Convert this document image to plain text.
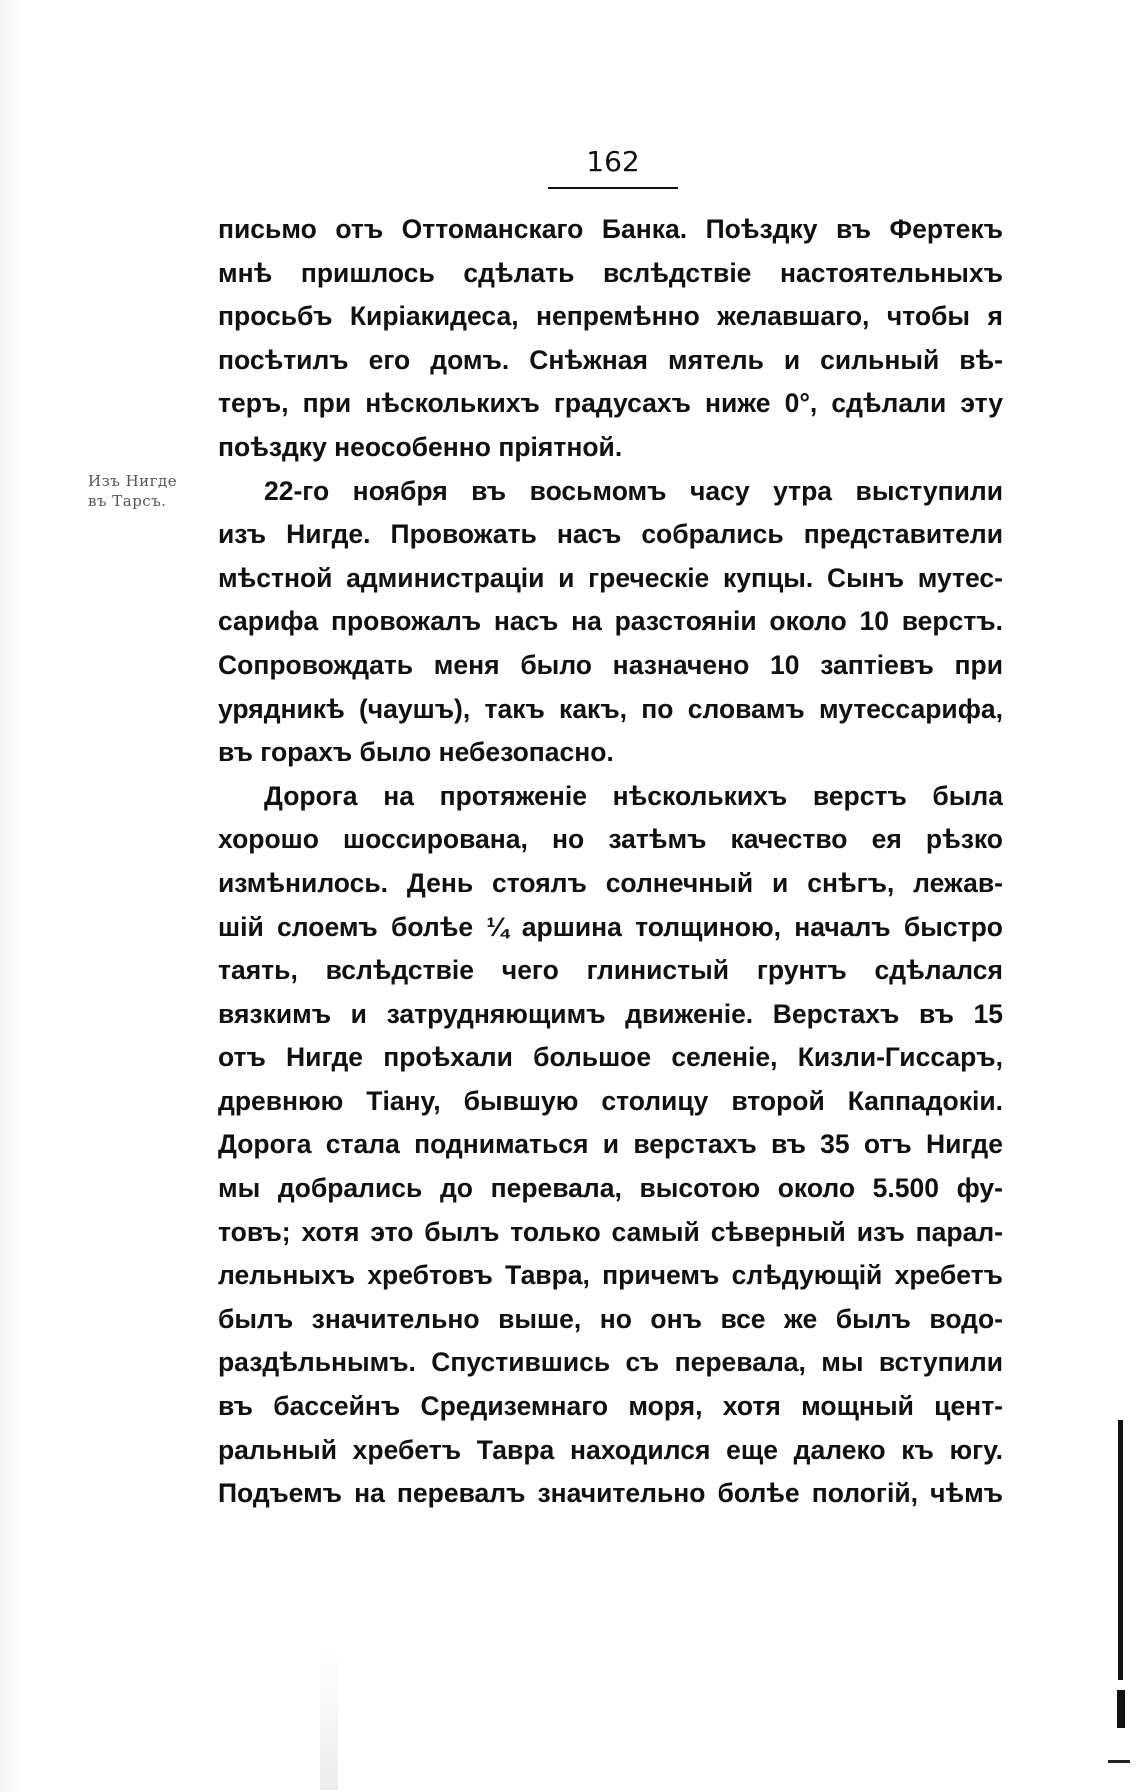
162
Изъ Нигде
въ Тарсъ.
письмо отъ Оттоманскаго Банка. Поѣздку въ Фертекъ
мнѣ пришлось сдѣлать вслѣдствіе настоятельныхъ
просьбъ Киріакидеса, непремѣнно желавшаго, чтобы я
посѣтилъ его домъ. Снѣжная мятель и сильный вѣ-
теръ, при нѣсколькихъ градусахъ ниже 0°, сдѣлали эту
поѣздку неособенно пріятной.
22-го ноября въ восьмомъ часу утра выступили
изъ Нигде. Провожать насъ собрались представители
мѣстной администраціи и греческіе купцы. Сынъ мутес-
сарифа провожалъ насъ на разстояніи около 10 верстъ.
Сопровождать меня было назначено 10 заптіевъ при
урядникѣ (чаушъ), такъ какъ, по словамъ мутессарифа,
въ горахъ было небезопасно.
Дорога на протяженіе нѣсколькихъ верстъ была
хорошо шоссирована, но затѣмъ качество ея рѣзко
измѣнилось. День стоялъ солнечный и снѣгъ, лежав-
шій слоемъ болѣе ¼ аршина толщиною, началъ быстро
таять, вслѣдствіе чего глинистый грунтъ сдѣлался
вязкимъ и затрудняющимъ движеніе. Верстахъ въ 15
отъ Нигде проѣхали большое селеніе, Кизли-Гиссаръ,
древнюю Тіану, бывшую столицу второй Каппадокіи.
Дорога стала подниматься и верстахъ въ 35 отъ Нигде
мы добрались до перевала, высотою около 5.500 фу-
товъ; хотя это былъ только самый сѣверный изъ парал-
лельныхъ хребтовъ Тавра, причемъ слѣдующій хребетъ
былъ значительно выше, но онъ все же былъ водо-
раздѣльнымъ. Спустившись съ перевала, мы вступили
въ бассейнъ Средиземнаго моря, хотя мощный цент-
ральный хребетъ Тавра находился еще далеко къ югу.
Подъемъ на перевалъ значительно болѣе пологій, чѣмъ
